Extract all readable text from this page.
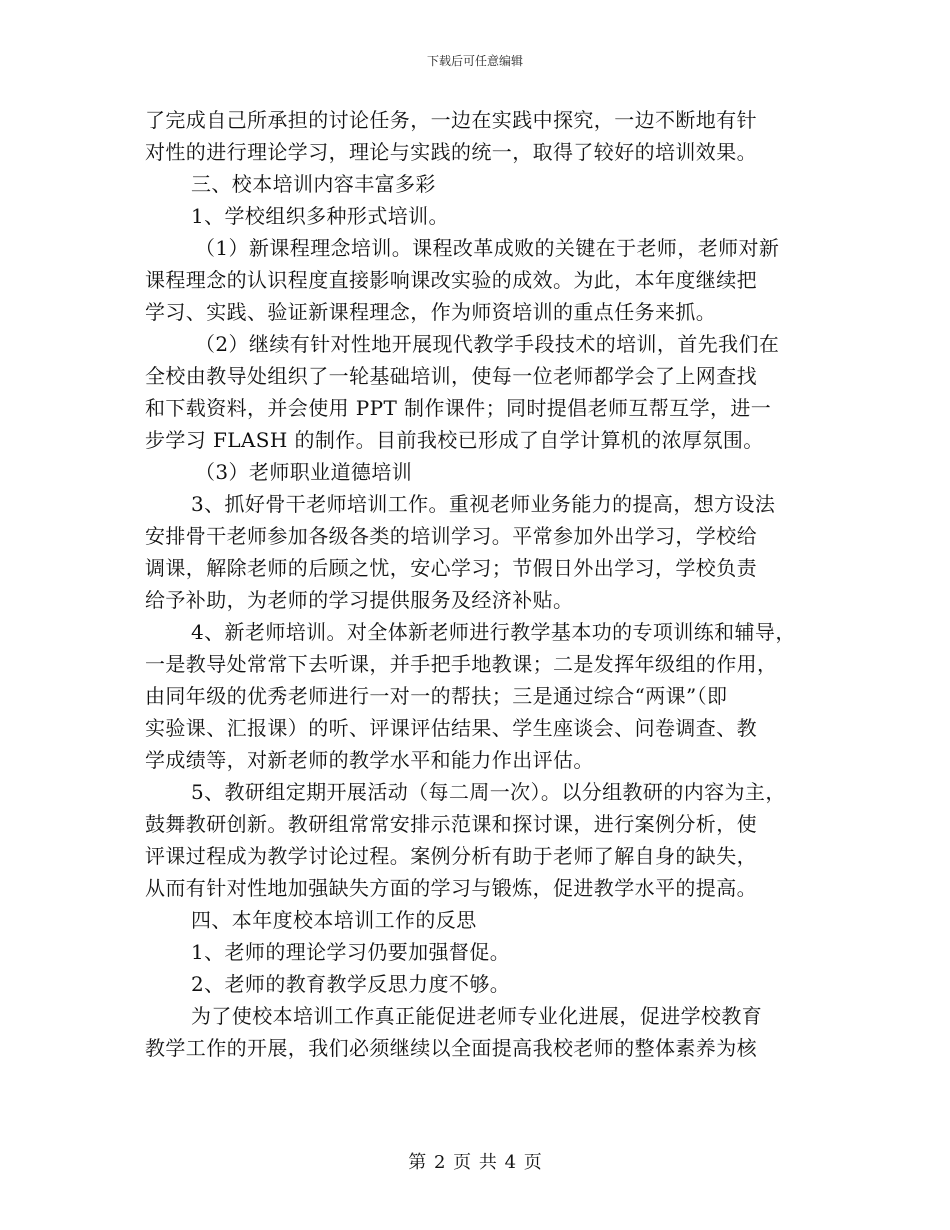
下载后可任意编辑
了完成自己所承担的讨论任务，一边在实践中探究，一边不断地有针
对性的进行理论学习，理论与实践的统一，取得了较好的培训效果。
三、校本培训内容丰富多彩
1、学校组织多种形式培训。
（1）新课程理念培训。课程改革成败的关键在于老师，老师对新
课程理念的认识程度直接影响课改实验的成效。为此，本年度继续把
学习、实践、验证新课程理念，作为师资培训的重点任务来抓。
（2）继续有针对性地开展现代教学手段技术的培训，首先我们在
全校由教导处组织了一轮基础培训，使每一位老师都学会了上网查找
和下载资料，并会使用 PPT 制作课件；同时提倡老师互帮互学，进一
步学习 FLASH 的制作。目前我校已形成了自学计算机的浓厚氛围。
（3）老师职业道德培训
3、抓好骨干老师培训工作。重视老师业务能力的提高，想方设法
安排骨干老师参加各级各类的培训学习。平常参加外出学习，学校给
调课，解除老师的后顾之忧，安心学习；节假日外出学习，学校负责
给予补助，为老师的学习提供服务及经济补贴。
4、新老师培训。对全体新老师进行教学基本功的专项训练和辅导，
一是教导处常常下去听课，并手把手地教课；二是发挥年级组的作用，
由同年级的优秀老师进行一对一的帮扶；三是通过综合“两课”（即
实验课、汇报课）的听、评课评估结果、学生座谈会、问卷调查、教
学成绩等，对新老师的教学水平和能力作出评估。
5、教研组定期开展活动（每二周一次）。以分组教研的内容为主，
鼓舞教研创新。教研组常常安排示范课和探讨课，进行案例分析，使
评课过程成为教学讨论过程。案例分析有助于老师了解自身的缺失，
从而有针对性地加强缺失方面的学习与锻炼，促进教学水平的提高。
四、本年度校本培训工作的反思
1、老师的理论学习仍要加强督促。
2、老师的教育教学反思力度不够。
为了使校本培训工作真正能促进老师专业化进展，促进学校教育
教学工作的开展，我们必须继续以全面提高我校老师的整体素养为核
第 2 页 共 4 页
